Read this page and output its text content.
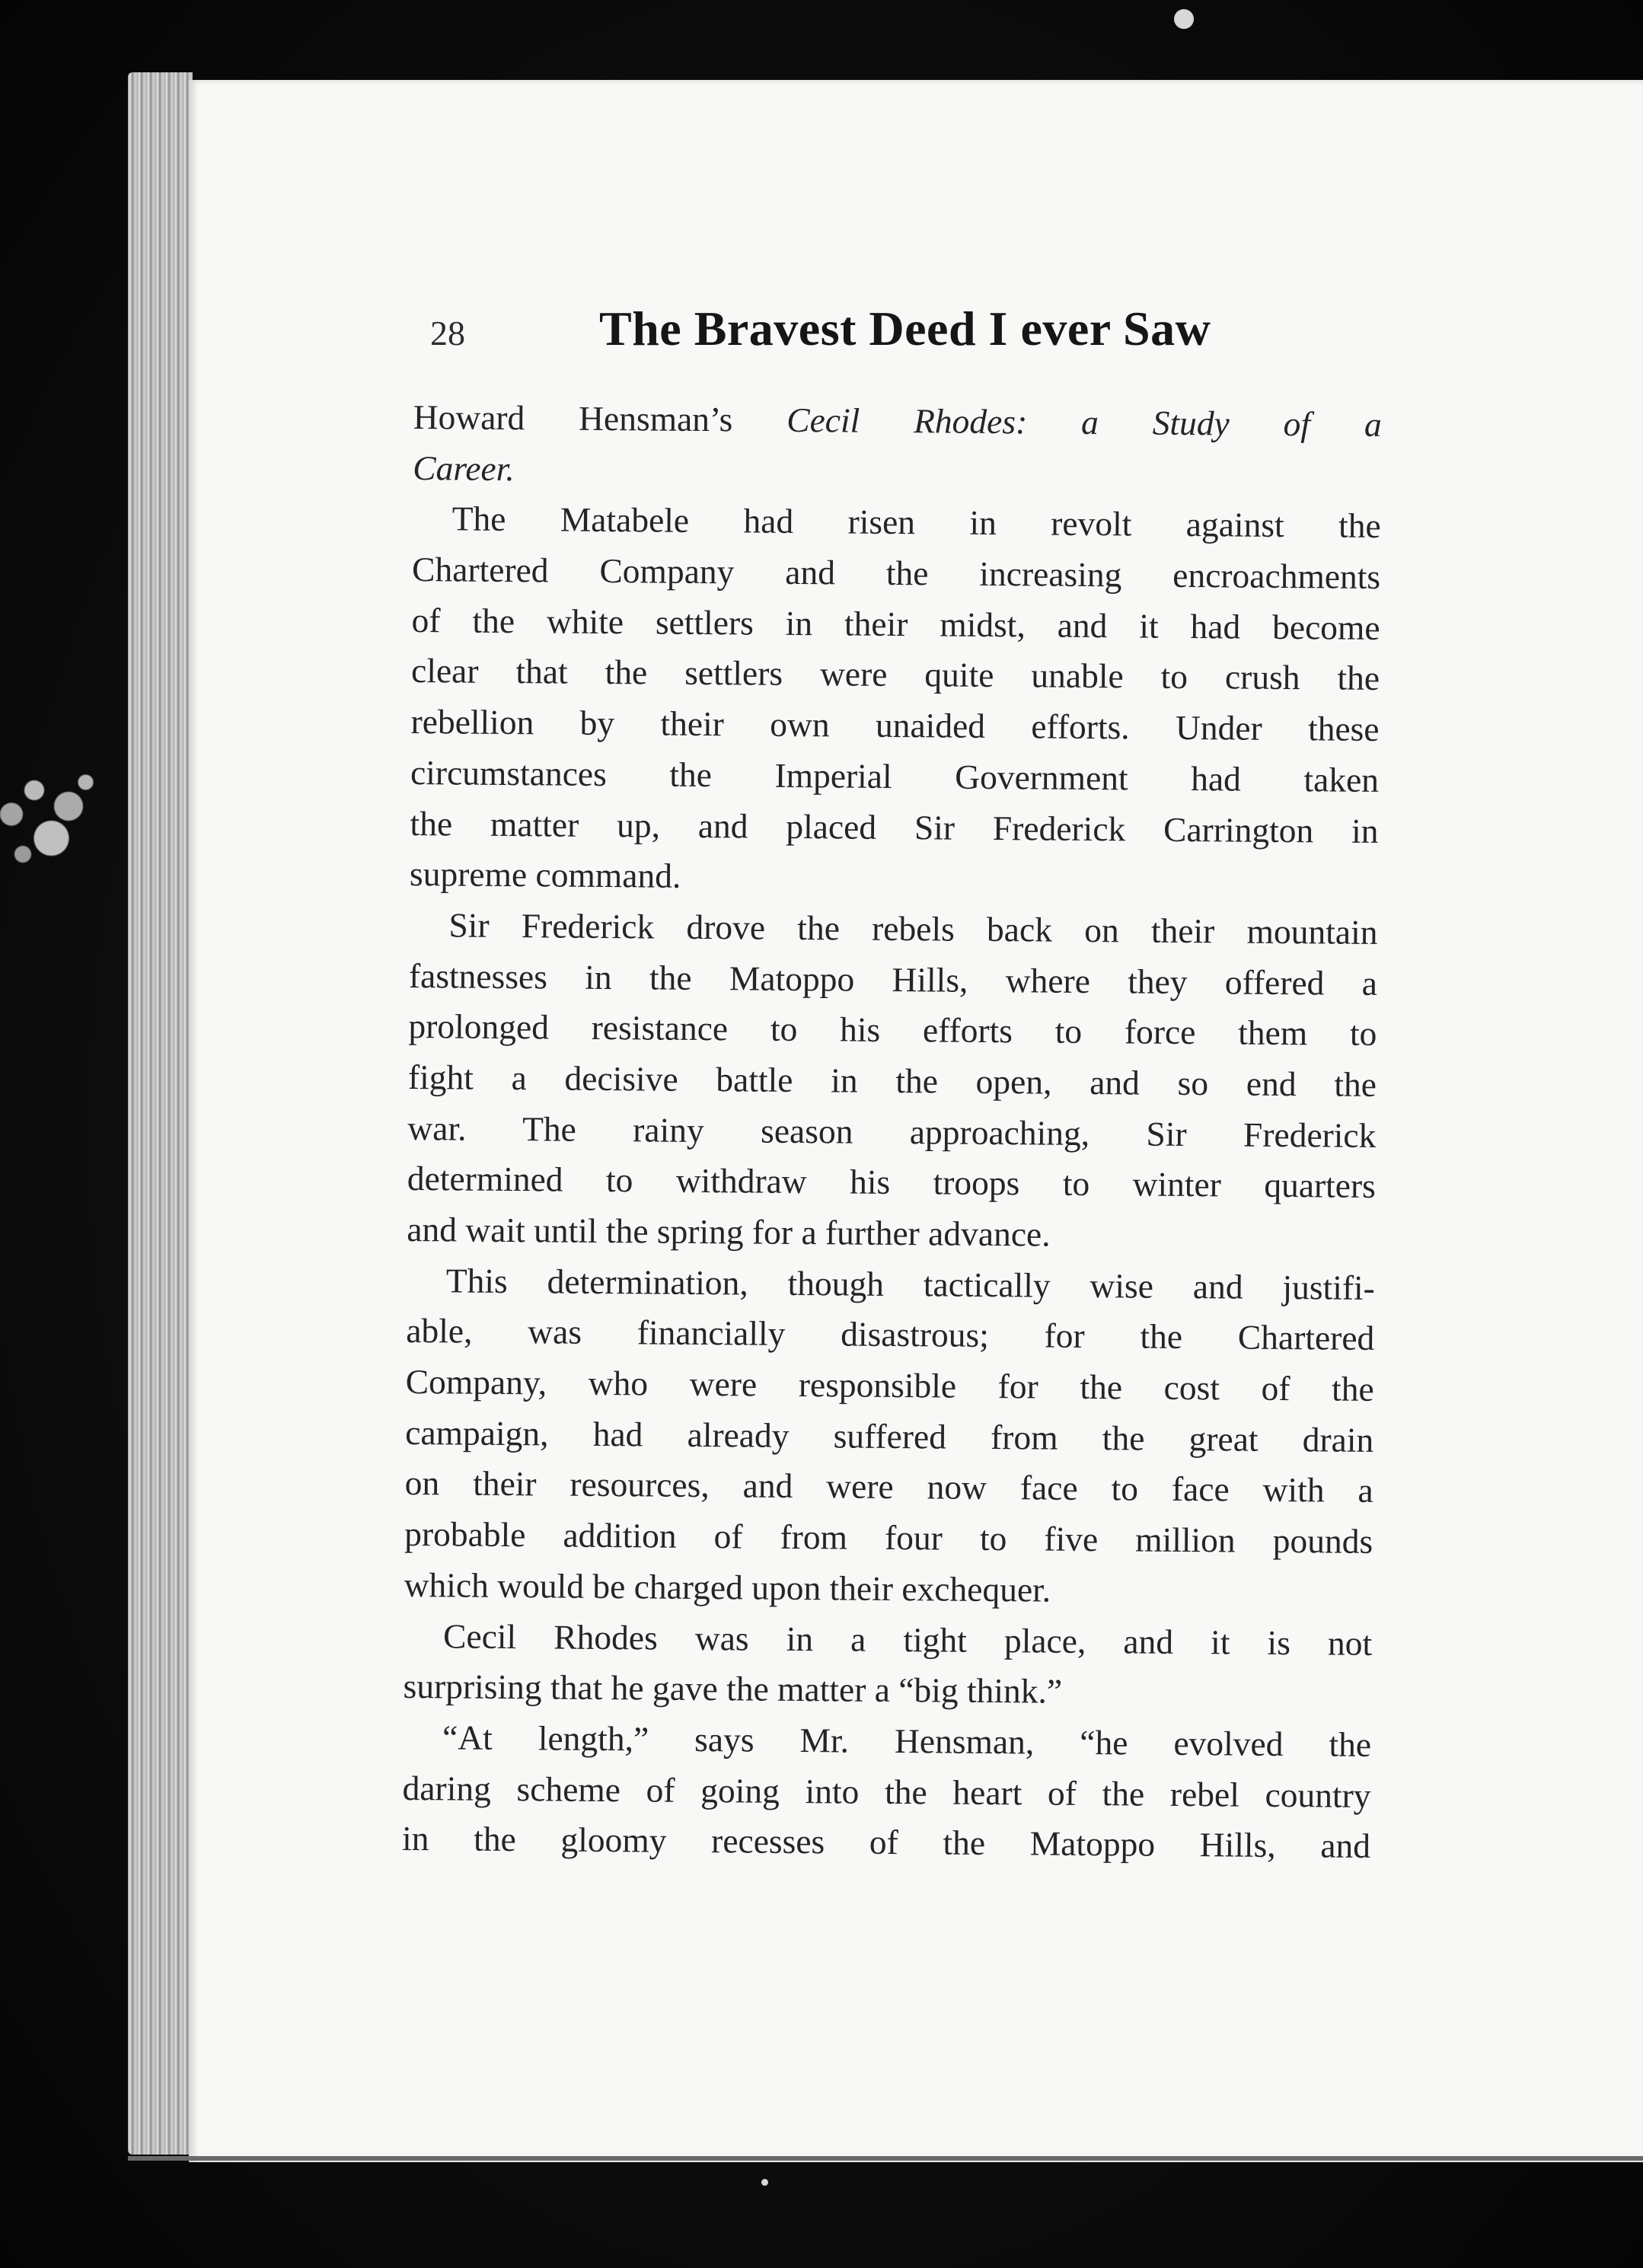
28	The Bravest Deed I ever Saw
Howard Hensman’s Cecil Rhodes: a Study of a
Career.
The Matabele had risen in revolt against the
Chartered Company and the increasing encroachments
of the white settlers in their midst, and it had become
clear that the settlers were quite unable to crush the
rebellion by their own unaided efforts. Under these
circumstances the Imperial Government had taken
the matter up, and placed Sir Frederick Carrington in
supreme command.
Sir Frederick drove the rebels back on their mountain
fastnesses in the Matoppo Hills, where they offered a
prolonged resistance to his efforts to force them to
fight a decisive battle in the open, and so end the
war. The rainy season approaching, Sir Frederick
determined to withdraw his troops to winter quarters
and wait until the spring for a further advance.
This determination, though tactically wise and justifi-
able, was financially disastrous; for the Chartered
Company, who were responsible for the cost of the
campaign, had already suffered from the great drain
on their resources, and were now face to face with a
probable addition of from four to five million pounds
which would be charged upon their exchequer.
Cecil Rhodes was in a tight place, and it is not
surprising that he gave the matter a “big think.”
“At length,” says Mr. Hensman, “he evolved the
daring scheme of going into the heart of the rebel country
in the gloomy recesses of the Matoppo Hills, and
